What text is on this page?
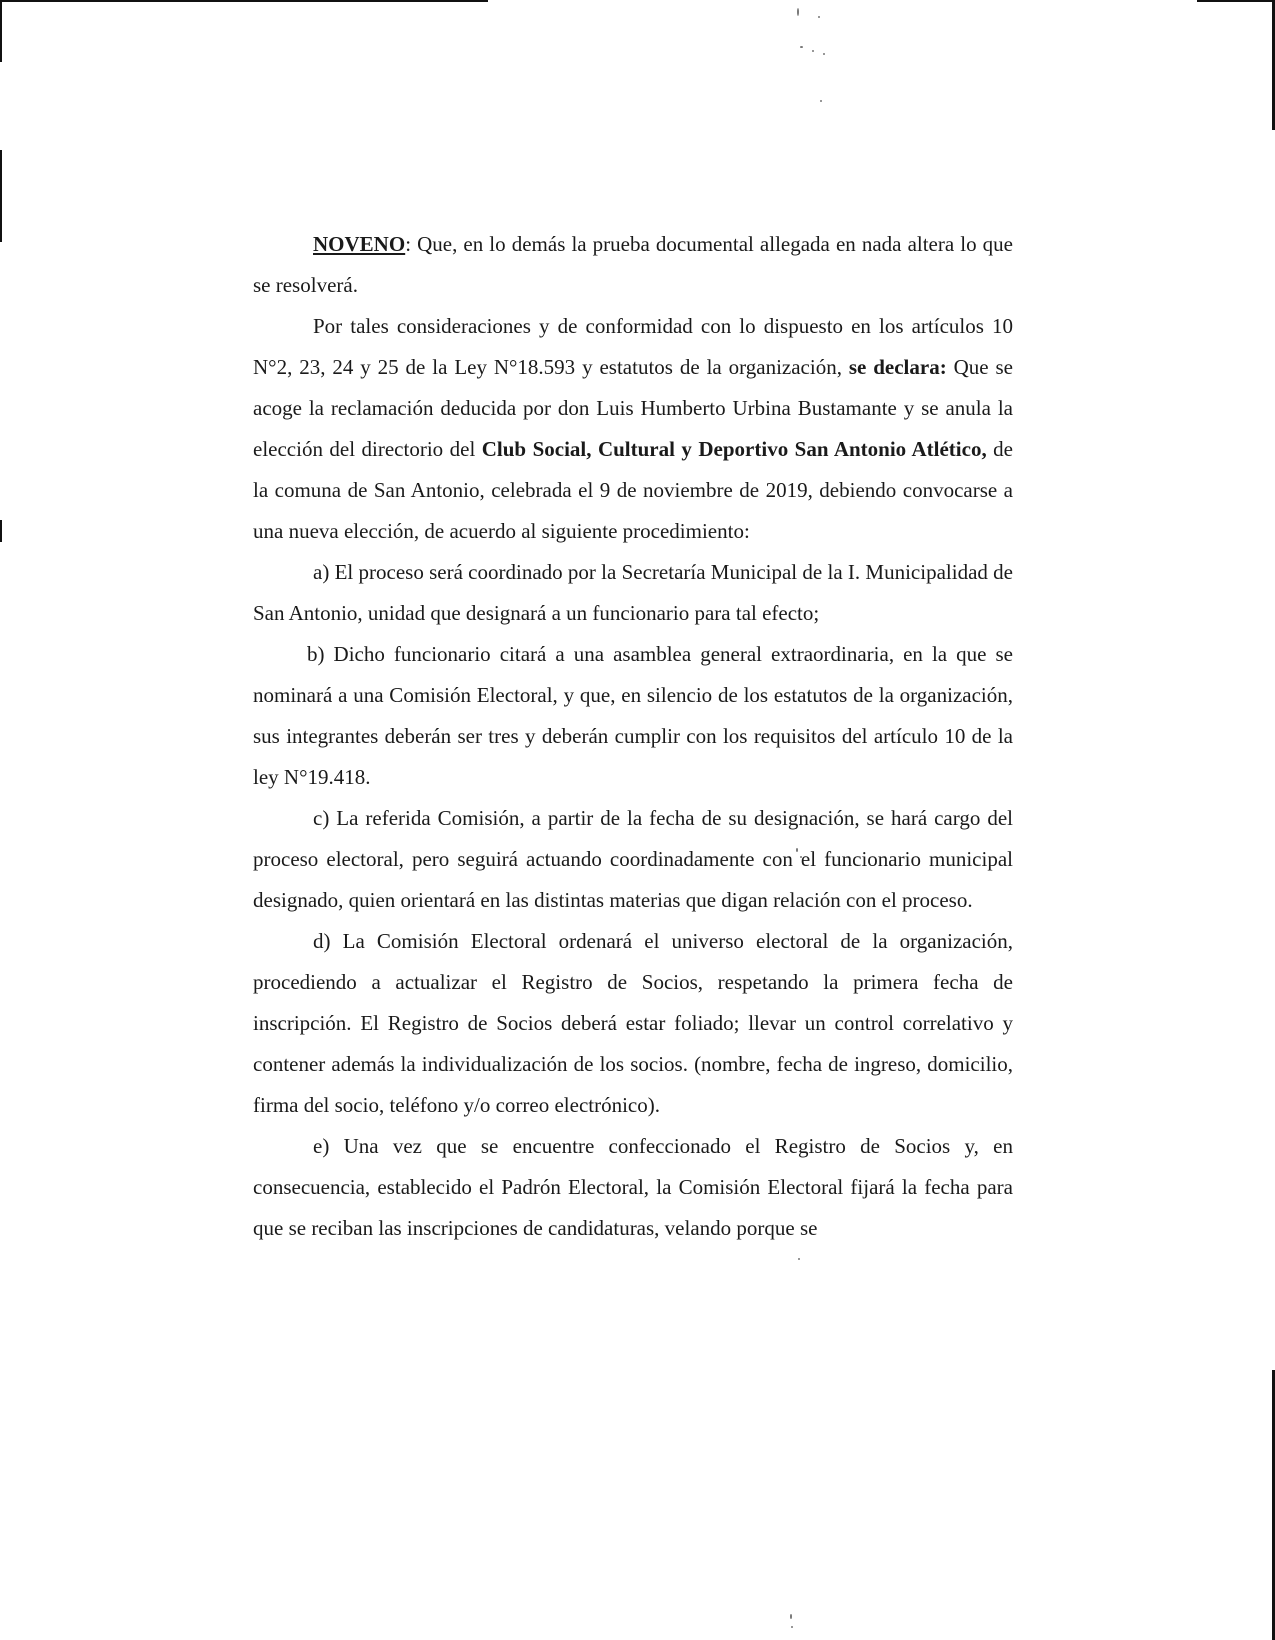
NOVENO: Que, en lo demás la prueba documental allegada en nada altera lo que se resolverá.

Por tales consideraciones y de conformidad con lo dispuesto en los artículos 10 N°2, 23, 24 y 25 de la Ley N°18.593 y estatutos de la organización, se declara: Que se acoge la reclamación deducida por don Luis Humberto Urbina Bustamante y se anula la elección del directorio del Club Social, Cultural y Deportivo San Antonio Atlético, de la comuna de San Antonio, celebrada el 9 de noviembre de 2019, debiendo convocarse a una nueva elección, de acuerdo al siguiente procedimiento:

a) El proceso será coordinado por la Secretaría Municipal de la I. Municipalidad de San Antonio, unidad que designará a un funcionario para tal efecto;

b) Dicho funcionario citará a una asamblea general extraordinaria, en la que se nominará a una Comisión Electoral, y que, en silencio de los estatutos de la organización, sus integrantes deberán ser tres y deberán cumplir con los requisitos del artículo 10 de la ley N°19.418.

c) La referida Comisión, a partir de la fecha de su designación, se hará cargo del proceso electoral, pero seguirá actuando coordinadamente con el funcionario municipal designado, quien orientará en las distintas materias que digan relación con el proceso.

d) La Comisión Electoral ordenará el universo electoral de la organización, procediendo a actualizar el Registro de Socios, respetando la primera fecha de inscripción. El Registro de Socios deberá estar foliado; llevar un control correlativo y contener además la individualización de los socios. (nombre, fecha de ingreso, domicilio, firma del socio, teléfono y/o correo electrónico).

e) Una vez que se encuentre confeccionado el Registro de Socios y, en consecuencia, establecido el Padrón Electoral, la Comisión Electoral fijará la fecha para que se reciban las inscripciones de candidaturas, velando porque se
